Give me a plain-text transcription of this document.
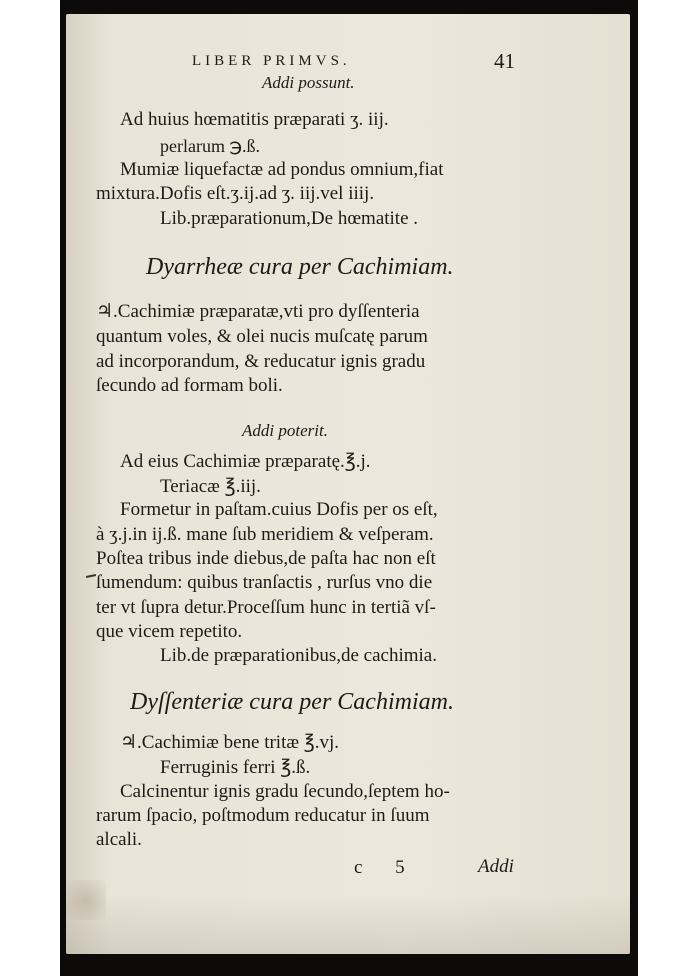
LIBER PRIMVS.	41
Addi possunt.
Ad huius hœmatitis præparati ʒ. iij.
perlarum ℈.ß.
Mumiæ liquefactæ ad pondus omnium,fiat
mixtura.Dofis eſt.ʒ.ij.ad ʒ. iij.vel iiij.
Lib.præparationum,De hœmatite .
Dyarrheæ cura per Cachimiam.
♃.Cachimiæ præparatæ,vti pro dyſſenteria
quantum voles, & olei nucis muſcatę parum
ad incorporandum, & reducatur ignis gradu
ſecundo ad formam boli.
Addi poterit.
Ad eius Cachimiæ præparatę.℥.j.
Teriacæ ℥.iij.
Formetur in paſtam.cuius Dofis per os eſt,
à ʒ.j.in ij.ß. mane ſub meridiem & veſperam.
Poſtea tribus inde diebus,de paſta hac non eſt
ſumendum: quibus tranſactis , rurſus vno die
ter vt ſupra detur.Proceſſum hunc in tertiã vſ-
que vicem repetito.
Lib.de præparationibus,de cachimia.
Dyſſenteriæ cura per Cachimiam.
♃.Cachimiæ bene tritæ ℥.vj.
Ferruginis ferri ℥.ß.
Calcinentur ignis gradu ſecundo,ſeptem ho-
rarum ſpacio, poſtmodum reducatur in ſuum
alcali.
c 5	Addi
